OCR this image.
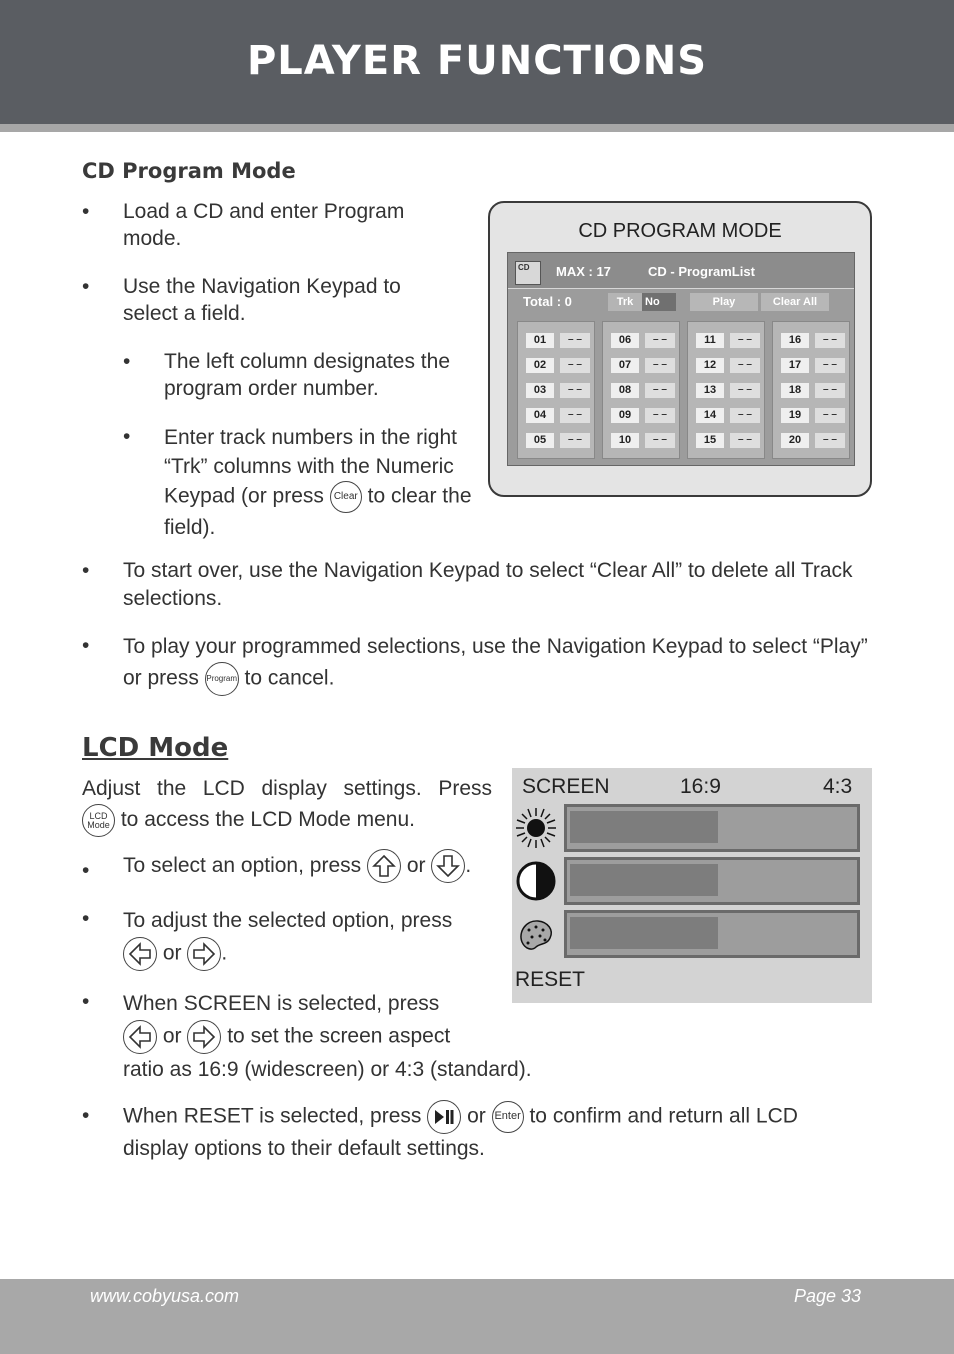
PLAYER FUNCTIONS
CD Program Mode
• Load a CD and enter Program mode.
• Use the Navigation Keypad to select a field.
• The left column designates the program order number.
• Enter track numbers in the right “Trk” columns with the Numeric Keypad (or press Clear to clear the field).
• To start over, use the Navigation Keypad to select “Clear All” to delete all Track selections.
• To play your programmed selections, use the Navigation Keypad to select “Play” or press Program to cancel.
CD PROGRAM MODE
CD	MAX : 17	CD - ProgramList
Total : 0	Trk	No	Play	Clear All
01	– –
02	– –
03	– –
04	– –
05	– –
06	– –
07	– –
08	– –
09	– –
10	– –
11	– –
12	– –
13	– –
14	– –
15	– –
16	– –
17	– –
18	– –
19	– –
20	– –
LCD Mode
Adjust the LCD display settings. Press
LCD
Mode to access the LCD Mode menu.
• To select an option, press or .
• To adjust the selected option, press

or .
• When SCREEN is selected, press

or to set the screen aspect
ratio as 16:9 (widescreen) or 4:3 (standard).
• When RESET is selected, press or Enter to confirm and return all LCD
display options to their default settings.
SCREEN	16:9	4:3
RESET
www.cobyusa.com	Page 33
